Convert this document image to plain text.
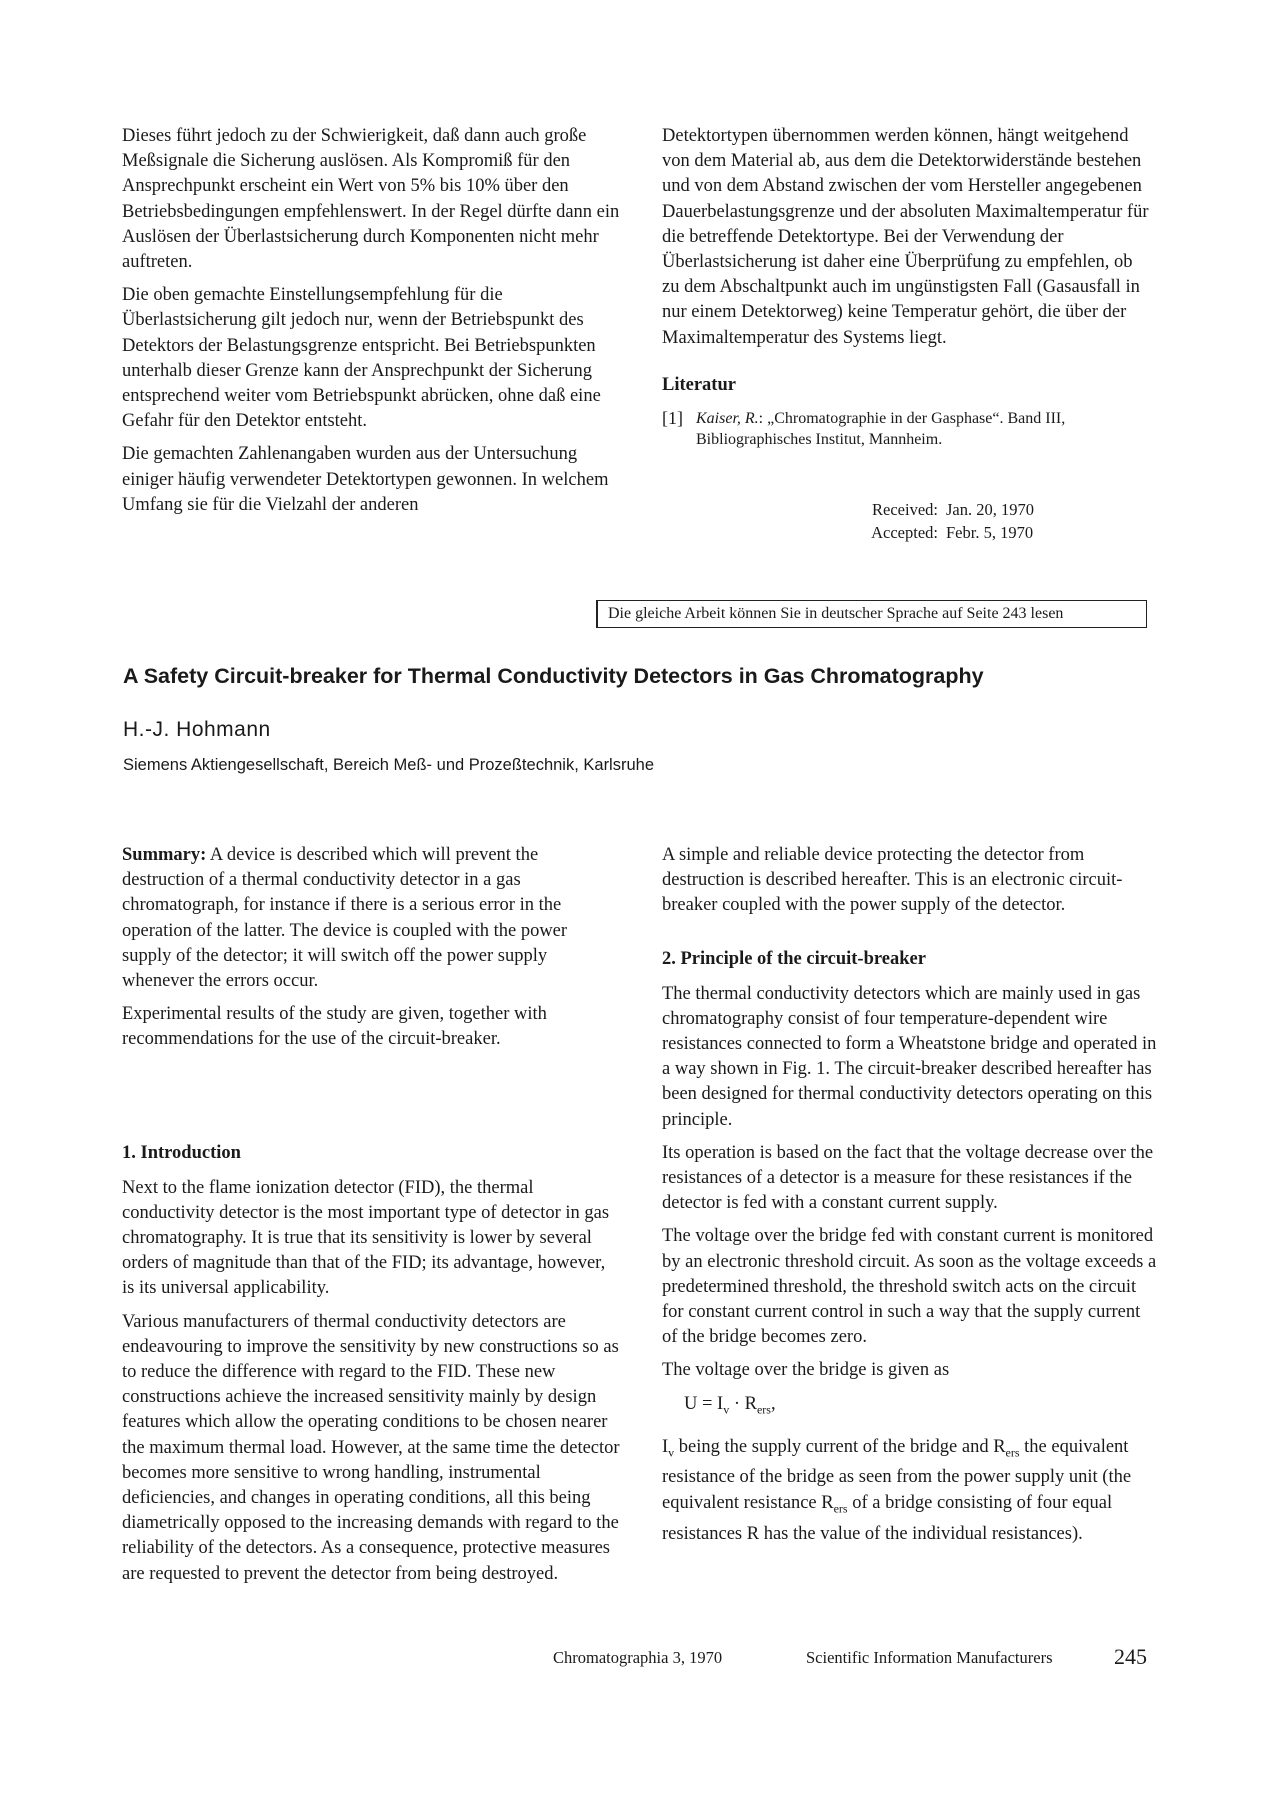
Dieses führt jedoch zu der Schwierigkeit, daß dann auch große Meßsignale die Sicherung auslösen. Als Kompromiß für den Ansprechpunkt erscheint ein Wert von 5% bis 10% über den Betriebsbedingungen empfehlenswert. In der Regel dürfte dann ein Auslösen der Überlastsicherung durch Komponenten nicht mehr auftreten.

Die oben gemachte Einstellungsempfehlung für die Überlastsicherung gilt jedoch nur, wenn der Betriebspunkt des Detektors der Belastungsgrenze entspricht. Bei Betriebspunkten unterhalb dieser Grenze kann der Ansprechpunkt der Sicherung entsprechend weiter vom Betriebspunkt abrücken, ohne daß eine Gefahr für den Detektor entsteht.

Die gemachten Zahlenangaben wurden aus der Untersuchung einiger häufig verwendeter Detektortypen gewonnen. In welchem Umfang sie für die Vielzahl der anderen

Detektortypen übernommen werden können, hängt weitgehend von dem Material ab, aus dem die Detektorwiderstände bestehen und von dem Abstand zwischen der vom Hersteller angegebenen Dauerbelastungsgrenze und der absoluten Maximaltemperatur für die betreffende Detektortype. Bei der Verwendung der Überlastsicherung ist daher eine Überprüfung zu empfehlen, ob zu dem Abschaltpunkt auch im ungünstigsten Fall (Gasausfall in nur einem Detektorweg) keine Temperatur gehört, die über der Maximaltemperatur des Systems liegt.

Literatur
[1] Kaiser, R.: „Chromatographie in der Gasphase“. Band III, Bibliographisches Institut, Mannheim.
Received: Jan. 20, 1970
Accepted: Febr. 5, 1970
Die gleiche Arbeit können Sie in deutscher Sprache auf Seite 243 lesen
A Safety Circuit-breaker for Thermal Conductivity Detectors in Gas Chromatography
H.-J. Hohmann
Siemens Aktiengesellschaft, Bereich Meß- und Prozeßtechnik, Karlsruhe

Summary: A device is described which will prevent the destruction of a thermal conductivity detector in a gas chromatograph, for instance if there is a serious error in the operation of the latter. The device is coupled with the power supply of the detector; it will switch off the power supply whenever the errors occur.

Experimental results of the study are given, together with recommendations for the use of the circuit-breaker.

1. Introduction

Next to the flame ionization detector (FID), the thermal conductivity detector is the most important type of detector in gas chromatography. It is true that its sensitivity is lower by several orders of magnitude than that of the FID; its advantage, however, is its universal applicability.

Various manufacturers of thermal conductivity detectors are endeavouring to improve the sensitivity by new constructions so as to reduce the difference with regard to the FID. These new constructions achieve the increased sensitivity mainly by design features which allow the operating conditions to be chosen nearer the maximum thermal load. However, at the same time the detector becomes more sensitive to wrong handling, instrumental deficiencies, and changes in operating conditions, all this being diametrically opposed to the increasing demands with regard to the reliability of the detectors. As a consequence, protective measures are requested to prevent the detector from being destroyed.

A simple and reliable device protecting the detector from destruction is described hereafter. This is an electronic circuit-breaker coupled with the power supply of the detector.

2. Principle of the circuit-breaker

The thermal conductivity detectors which are mainly used in gas chromatography consist of four temperature-dependent wire resistances connected to form a Wheatstone bridge and operated in a way shown in Fig. 1. The circuit-breaker described hereafter has been designed for thermal conductivity detectors operating on this principle.

Its operation is based on the fact that the voltage decrease over the resistances of a detector is a measure for these resistances if the detector is fed with a constant current supply.

The voltage over the bridge fed with constant current is monitored by an electronic threshold circuit. As soon as the voltage exceeds a predetermined threshold, the threshold switch acts on the circuit for constant current control in such a way that the supply current of the bridge becomes zero.

The voltage over the bridge is given as

$U = I_v \cdot R_{ers}$,

$I_v$ being the supply current of the bridge and $R_{ers}$ the equivalent resistance of the bridge as seen from the power supply unit (the equivalent resistance $R_{ers}$ of a bridge consisting of four equal resistances R has the value of the individual resistances).

Chromatographia 3, 1970	Scientific Information Manufacturers	245
